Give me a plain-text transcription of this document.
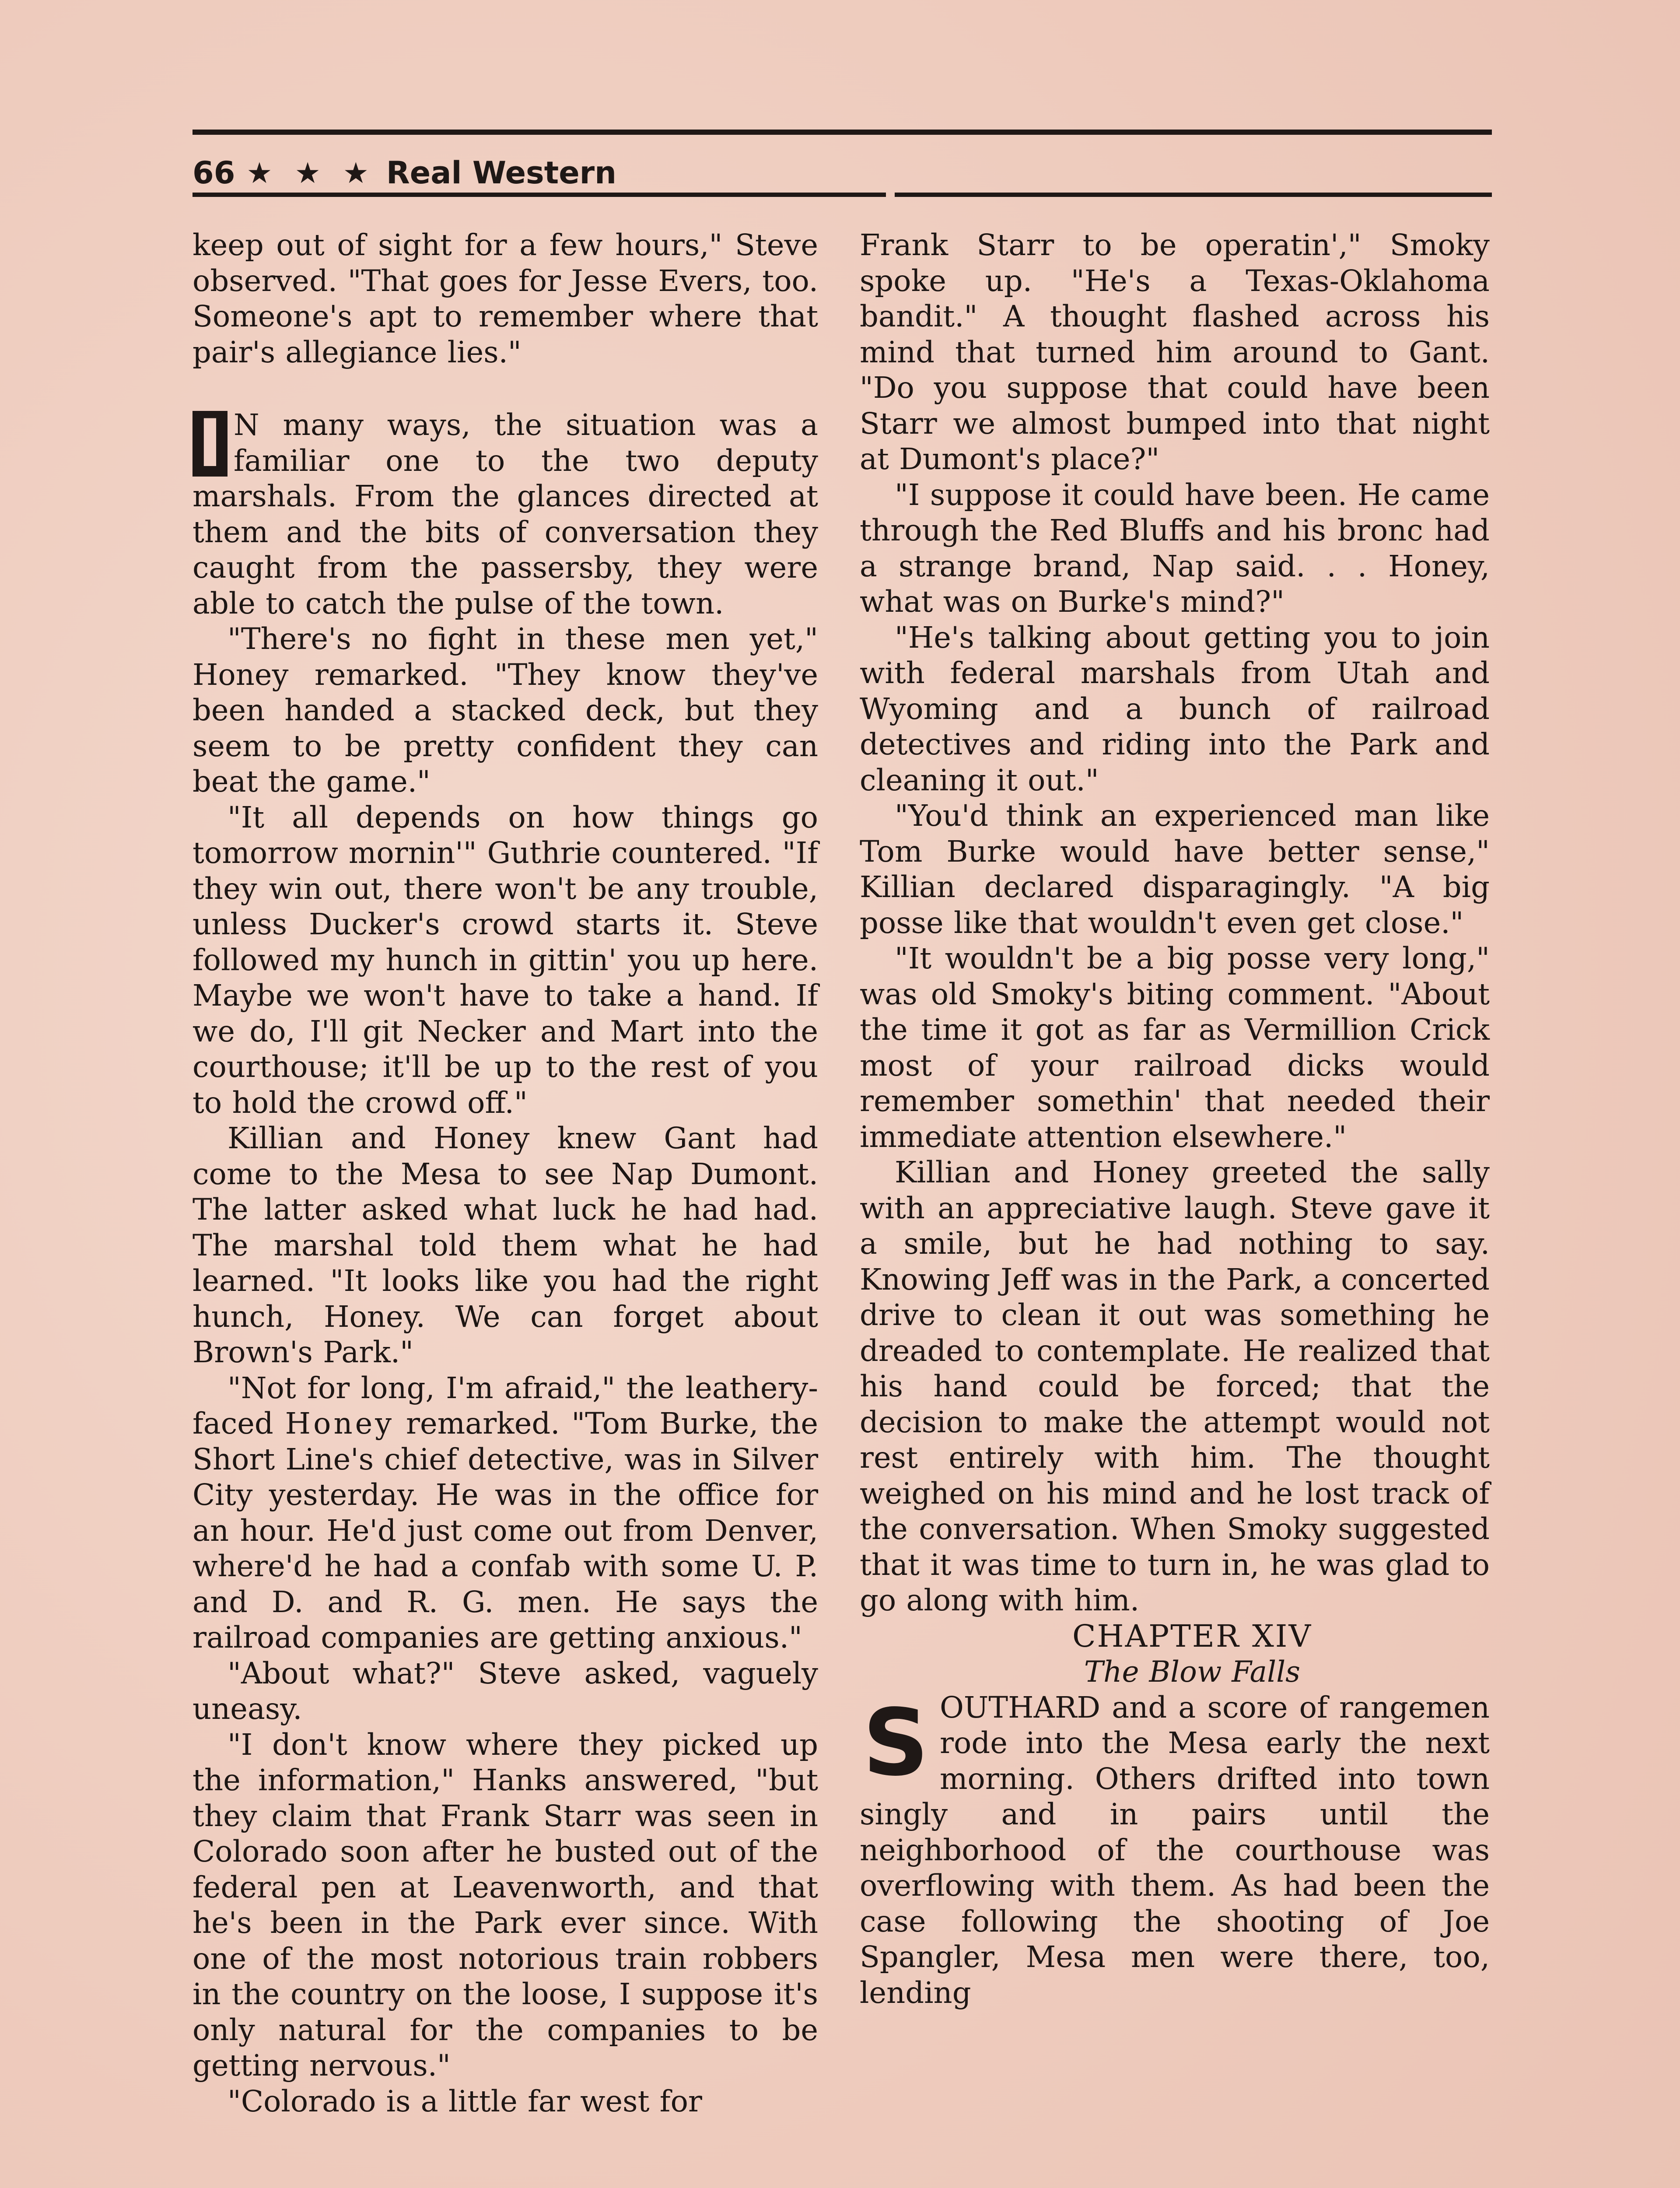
66 ★ ★ ★ Real Western

keep out of sight for a few hours," Steve observed. "That goes for Jesse Evers, too. Someone's apt to remember where that pair's allegiance lies."

I N many ways, the situation was a familiar one to the two deputy marshals. From the glances directed at them and the bits of conversation they caught from the passersby, they were able to catch the pulse of the town.

"There's no fight in these men yet," Honey remarked. "They know they've been handed a stacked deck, but they seem to be pretty confident they can beat the game."

"It all depends on how things go tomorrow mornin'" Guthrie countered. "If they win out, there won't be any trouble, unless Ducker's crowd starts it. Steve followed my hunch in gittin' you up here. Maybe we won't have to take a hand. If we do, I'll git Necker and Mart into the courthouse; it'll be up to the rest of you to hold the crowd off."

Killian and Honey knew Gant had come to the Mesa to see Nap Dumont. The latter asked what luck he had had. The marshal told them what he had learned. "It looks like you had the right hunch, Honey. We can forget about Brown's Park."

"Not for long, I'm afraid," the leathery-faced Honey remarked. "Tom Burke, the Short Line's chief detective, was in Silver City yesterday. He was in the office for an hour. He'd just come out from Denver, where'd he had a confab with some U. P. and D. and R. G. men. He says the railroad companies are getting anxious."

"About what?" Steve asked, vaguely uneasy.

"I don't know where they picked up the information," Hanks answered, "but they claim that Frank Starr was seen in Colorado soon after he busted out of the federal pen at Leavenworth, and that he's been in the Park ever since. With one of the most notorious train robbers in the country on the loose, I suppose it's only natural for the companies to be getting nervous."

"Colorado is a little far west for

Frank Starr to be operatin'," Smoky spoke up. "He's a Texas-Oklahoma bandit." A thought flashed across his mind that turned him around to Gant. "Do you suppose that could have been Starr we almost bumped into that night at Dumont's place?"

"I suppose it could have been. He came through the Red Bluffs and his bronc had a strange brand, Nap said. . . Honey, what was on Burke's mind?"

"He's talking about getting you to join with federal marshals from Utah and Wyoming and a bunch of railroad detectives and riding into the Park and cleaning it out."

"You'd think an experienced man like Tom Burke would have better sense," Killian declared disparagingly. "A big posse like that wouldn't even get close."

"It wouldn't be a big posse very long," was old Smoky's biting comment. "About the time it got as far as Vermillion Crick most of your railroad dicks would remember somethin' that needed their immediate attention elsewhere."

Killian and Honey greeted the sally with an appreciative laugh. Steve gave it a smile, but he had nothing to say. Knowing Jeff was in the Park, a concerted drive to clean it out was something he dreaded to contemplate. He realized that his hand could be forced; that the decision to make the attempt would not rest entirely with him. The thought weighed on his mind and he lost track of the conversation. When Smoky suggested that it was time to turn in, he was glad to go along with him.

CHAPTER XIV

The Blow Falls

SOUTHARD and a score of rangemen rode into the Mesa early the next morning. Others drifted into town singly and in pairs until the neighborhood of the courthouse was overflowing with them. As had been the case following the shooting of Joe Spangler, Mesa men were there, too, lending
